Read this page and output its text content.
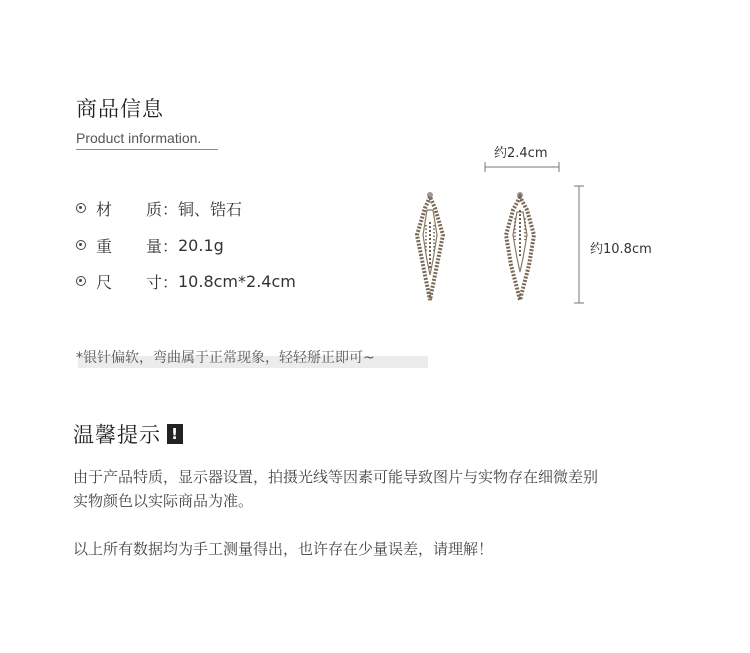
商品信息
Product information.
材 质： 铜、锆石
重 量： 20.1g
尺 寸： 10.8cm*2.4cm
约2.4cm
约10.8cm
*银针偏软，弯曲属于正常现象，轻轻掰正即可~
温馨提示 !
由于产品特质，显示器设置，拍摄光线等因素可能导致图片与实物存在细微差别
实物颜色以实际商品为准。
以上所有数据均为手工测量得出，也许存在少量误差，请理解！
